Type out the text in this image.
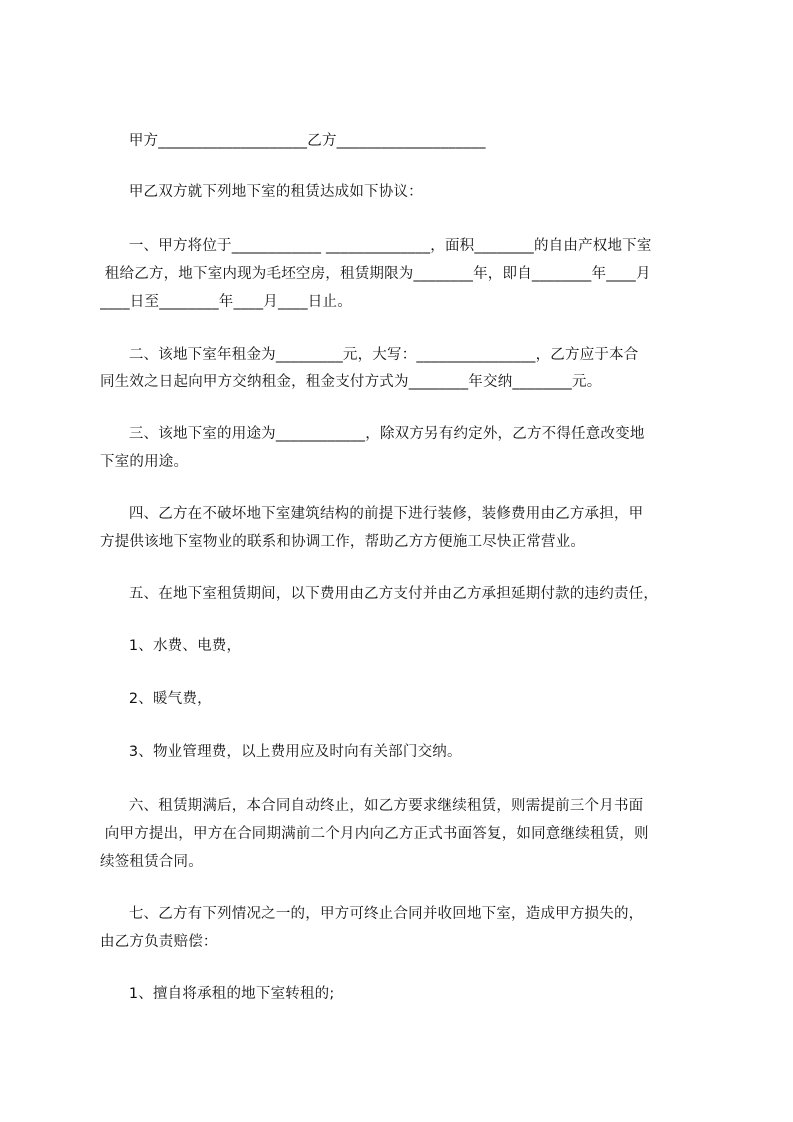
甲方____________________乙方____________________
甲乙双方就下列地下室的租赁达成如下协议：
一、甲方将位于____________ ______________，面积________的自由产权地下室
租给乙方，地下室内现为毛坯空房，租赁期限为________年，即自________年____月
____日至________年____月____日止。
二、该地下室年租金为_________元，大写：________________，乙方应于本合
同生效之日起向甲方交纳租金，租金支付方式为________年交纳________元。
三、该地下室的用途为____________，除双方另有约定外，乙方不得任意改变地
下室的用途。
四、乙方在不破坏地下室建筑结构的前提下进行装修，装修费用由乙方承担，甲
方提供该地下室物业的联系和协调工作，帮助乙方方便施工尽快正常营业。
五、在地下室租赁期间，以下费用由乙方支付并由乙方承担延期付款的违约责任，
1、水费、电费，
2、暖气费，
3、物业管理费，以上费用应及时向有关部门交纳。
六、租赁期满后，本合同自动终止，如乙方要求继续租赁，则需提前三个月书面
向甲方提出，甲方在合同期满前二个月内向乙方正式书面答复，如同意继续租赁，则
续签租赁合同。
七、乙方有下列情况之一的，甲方可终止合同并收回地下室，造成甲方损失的，
由乙方负责赔偿：
1、擅自将承租的地下室转租的;
